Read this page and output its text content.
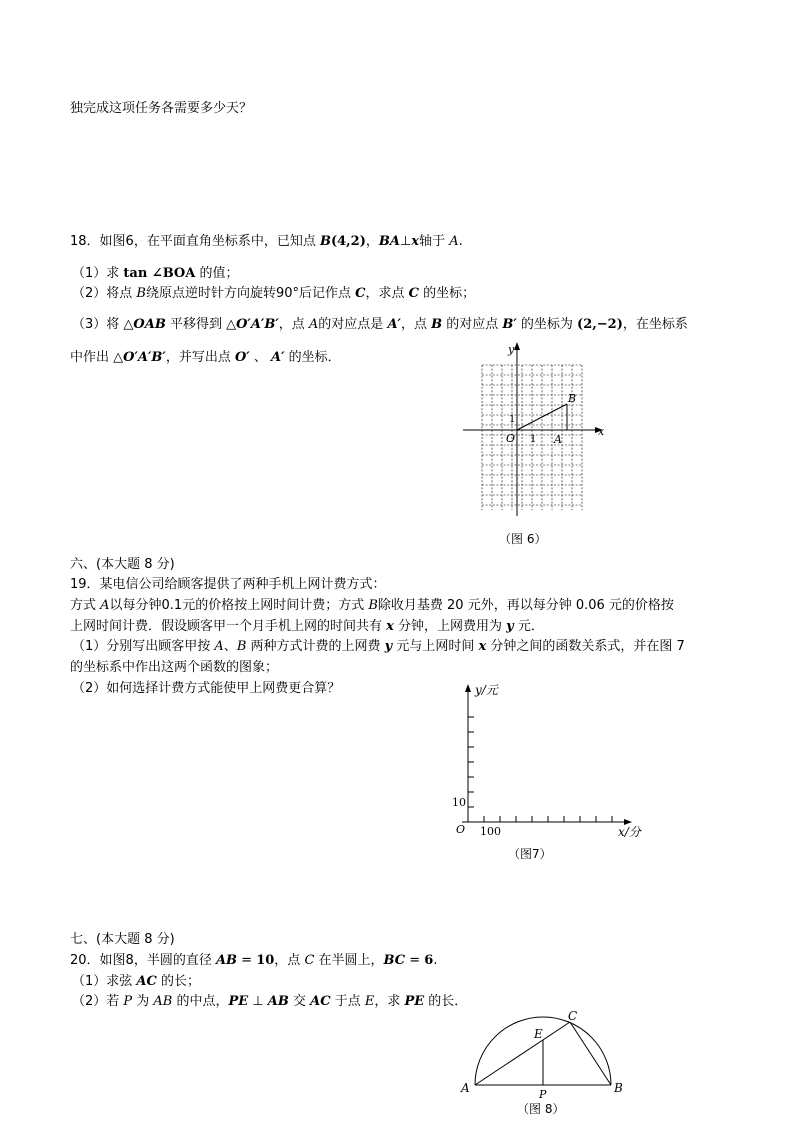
独完成这项任务各需要多少天？
18．如图6，在平面直角坐标系中，已知点 B(4,2)，BA⊥x轴于 A.
（1）求 tan ∠BOA 的值；
（2）将点 B绕原点逆时针方向旋转90°后记作点 C，求点 C 的坐标；
（3）将 △OAB 平移得到 △O′A′B′，点 A的对应点是 A′，点 B 的对应点 B′ 的坐标为 (2,−2)，在坐标系
中作出 △O′A′B′，并写出点 O′ 、 A′ 的坐标．
y
x
1
1
O	A
B
（图 6）
六、(本大题 8 分)
19．某电信公司给顾客提供了两种手机上网计费方式：
方式 A以每分钟0.1元的价格按上网时间计费；方式 B除收月基费 20 元外，再以每分钟 0.06 元的价格按
上网时间计费．假设顾客甲一个月手机上网的时间共有 x 分钟，上网费用为 y 元．
（1）分别写出顾客甲按 A、B 两种方式计费的上网费 y 元与上网时间 x 分钟之间的函数关系式，并在图 7
的坐标系中作出这两个函数的图象；
（2）如何选择计费方式能使甲上网费更合算？	y/元
10
O 100	x/分
（图7）
七、(本大题 8 分)
20．如图8，半圆的直径 AB = 10，点 C 在半圆上，BC = 6.
（1）求弦 AC 的长；
（2）若 P 为 AB 的中点，PE ⊥ AB 交 AC 于点 E，求 PE 的长．
A	B
C
E
P
（图 8）
